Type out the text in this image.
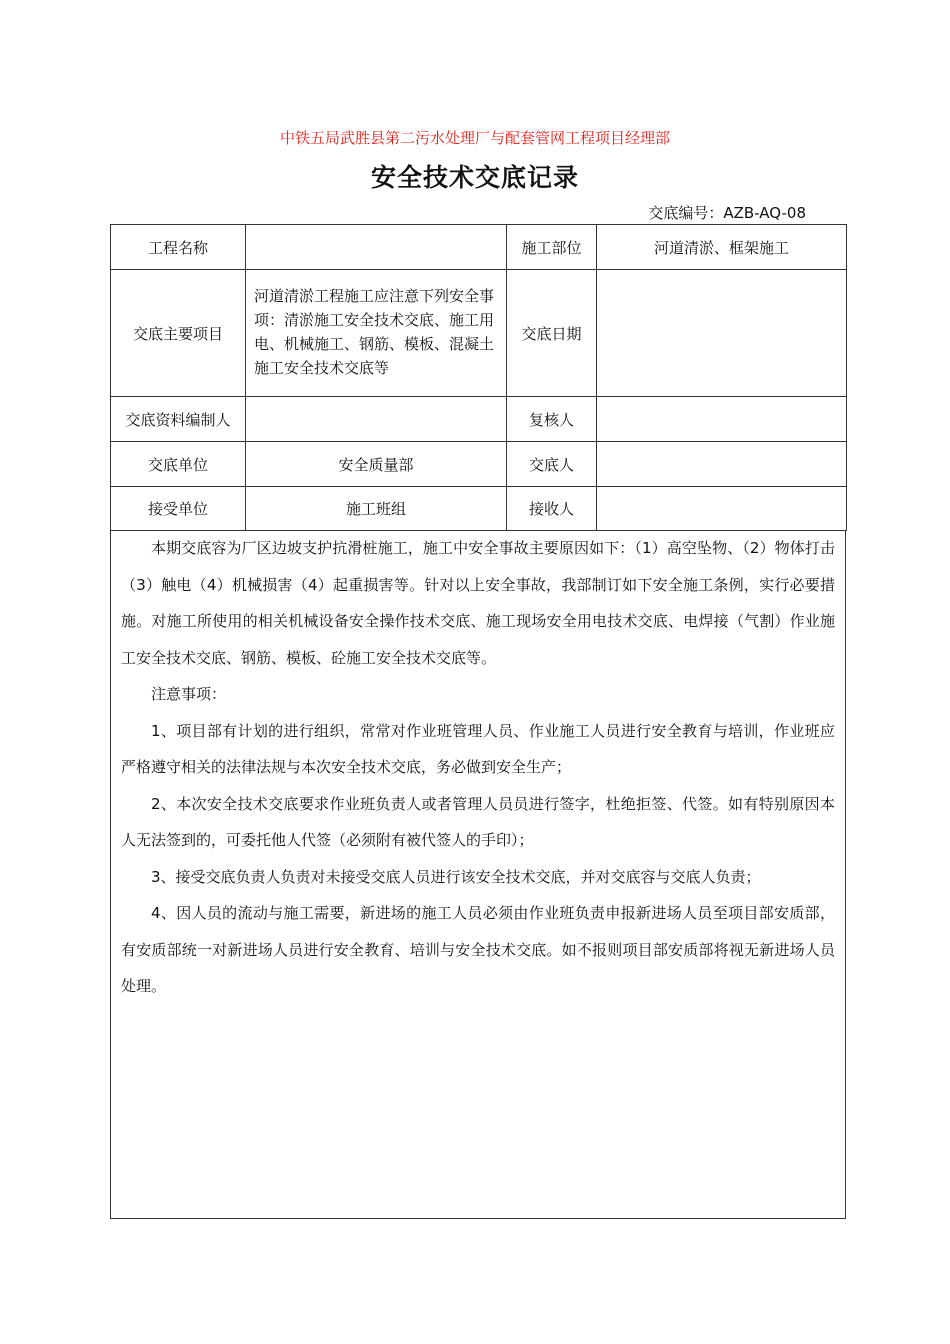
中铁五局武胜县第二污水处理厂与配套管网工程项目经理部
安全技术交底记录
交底编号：AZB-AQ-08
工程名称		施工部位	河道清淤、框架施工
交底主要项目	河道清淤工程施工应注意下列安全事项：清淤施工安全技术交底、施工用电、机械施工、钢筋、模板、混凝土施工安全技术交底等	交底日期	
交底资料编制人		复核人	
交底单位	安全质量部	交底人	
接受单位	施工班组	接收人	

本期交底容为厂区边坡支护抗滑桩施工，施工中安全事故主要原因如下：（1）高空坠物、（2）物体打击（3）触电（4）机械损害（4）起重损害等。针对以上安全事故，我部制订如下安全施工条例，实行必要措施。对施工所使用的相关机械设备安全操作技术交底、施工现场安全用电技术交底、电焊接（气割）作业施工安全技术交底、钢筋、模板、砼施工安全技术交底等。

注意事项：

1、项目部有计划的进行组织，常常对作业班管理人员、作业施工人员进行安全教育与培训，作业班应严格遵守相关的法律法规与本次安全技术交底，务必做到安全生产；

2、本次安全技术交底要求作业班负责人或者管理人员员进行签字，杜绝拒签、代签。如有特别原因本人无法签到的，可委托他人代签（必须附有被代签人的手印）；

3、接受交底负责人负责对未接受交底人员进行该安全技术交底，并对交底容与交底人负责；

4、因人员的流动与施工需要，新进场的施工人员必须由作业班负责申报新进场人员至项目部安质部，有安质部统一对新进场人员进行安全教育、培训与安全技术交底。如不报则项目部安质部将视无新进场人员处理。
